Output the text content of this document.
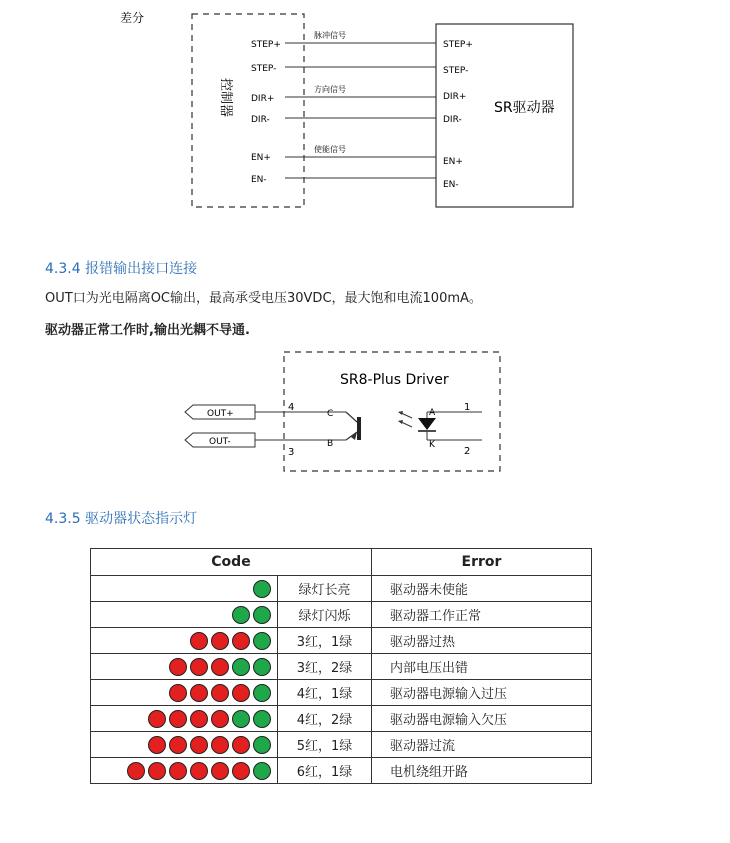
差分
控制器	SR驱动器
STEP+
STEP-
DIR+
DIR-
EN+
EN-
STEP+
STEP-
DIR+
DIR-
EN+
EN-
脉冲信号
方向信号
使能信号
4.3.4 报错输出接口连接
OUT口为光电隔离OC输出，最高承受电压30VDC，最大饱和电流100mA。
驱动器正常工作时,输出光耦不导通.
SR8-Plus Driver
OUT+
OUT-
4
3
C
B
A
K
1
2
4.3.5 驱动器状态指示灯
Code		Error
	绿灯长亮	驱动器未使能
	绿灯闪烁	驱动器工作正常
	3红，1绿	驱动器过热
	3红，2绿	内部电压出错
	4红，1绿	驱动器电源输入过压
	4红，2绿	驱动器电源输入欠压
	5红，1绿	驱动器过流
	6红，1绿	电机绕组开路
